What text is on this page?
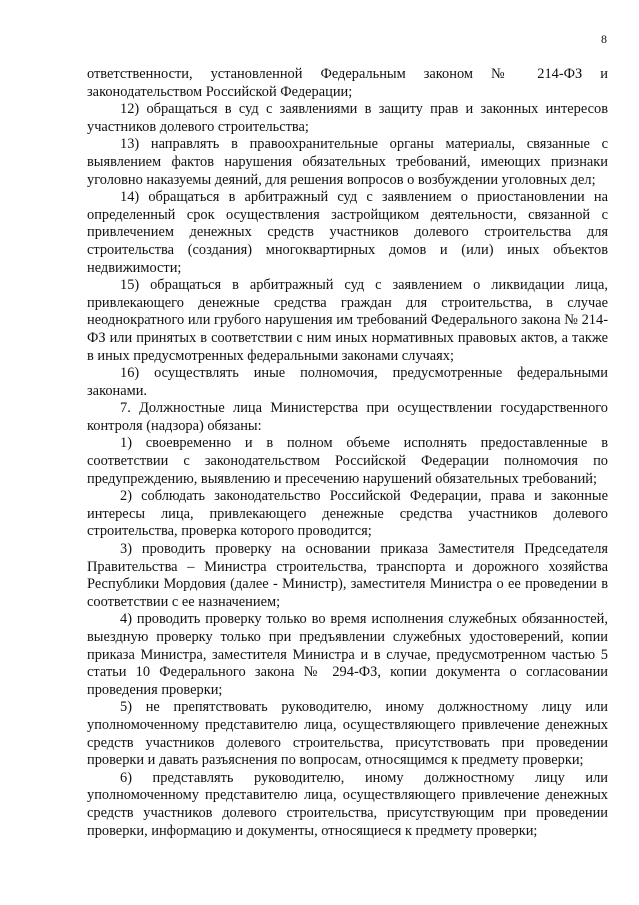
8

ответственности, установленной Федеральным законом № 214-ФЗ и законодательством Российской Федерации;

12) обращаться в суд с заявлениями в защиту прав и законных интересов участников долевого строительства;

13) направлять в правоохранительные органы материалы, связанные с выявлением фактов нарушения обязательных требований, имеющих признаки уголовно наказуемы деяний, для решения вопросов о возбуждении уголовных дел;

14) обращаться в арбитражный суд с заявлением о приостановлении на определенный срок осуществления застройщиком деятельности, связанной с привлечением денежных средств участников долевого строительства для строительства (создания) многоквартирных домов и (или) иных объектов недвижимости;

15) обращаться в арбитражный суд с заявлением о ликвидации лица, привлекающего денежные средства граждан для строительства, в случае неоднократного или грубого нарушения им требований Федерального закона № 214-ФЗ или принятых в соответствии с ним иных нормативных правовых актов, а также в иных предусмотренных федеральными законами случаях;

16) осуществлять иные полномочия, предусмотренные федеральными законами.

7. Должностные лица Министерства при осуществлении государственного контроля (надзора) обязаны:

1) своевременно и в полном объеме исполнять предоставленные в соответствии с законодательством Российской Федерации полномочия по предупреждению, выявлению и пресечению нарушений обязательных требований;

2) соблюдать законодательство Российской Федерации, права и законные интересы лица, привлекающего денежные средства участников долевого строительства, проверка которого проводится;

3) проводить проверку на основании приказа Заместителя Председателя Правительства – Министра строительства, транспорта и дорожного хозяйства Республики Мордовия (далее - Министр), заместителя Министра о ее проведении в соответствии с ее назначением;

4) проводить проверку только во время исполнения служебных обязанностей, выездную проверку только при предъявлении служебных удостоверений, копии приказа Министра, заместителя Министра и в случае, предусмотренном частью 5 статьи 10 Федерального закона № 294-ФЗ, копии документа о согласовании проведения проверки;

5) не препятствовать руководителю, иному должностному лицу или уполномоченному представителю лица, осуществляющего привлечение денежных средств участников долевого строительства, присутствовать при проведении проверки и давать разъяснения по вопросам, относящимся к предмету проверки;

6) представлять руководителю, иному должностному лицу или уполномоченному представителю лица, осуществляющего привлечение денежных средств участников долевого строительства, присутствующим при проведении проверки, информацию и документы, относящиеся к предмету проверки;
